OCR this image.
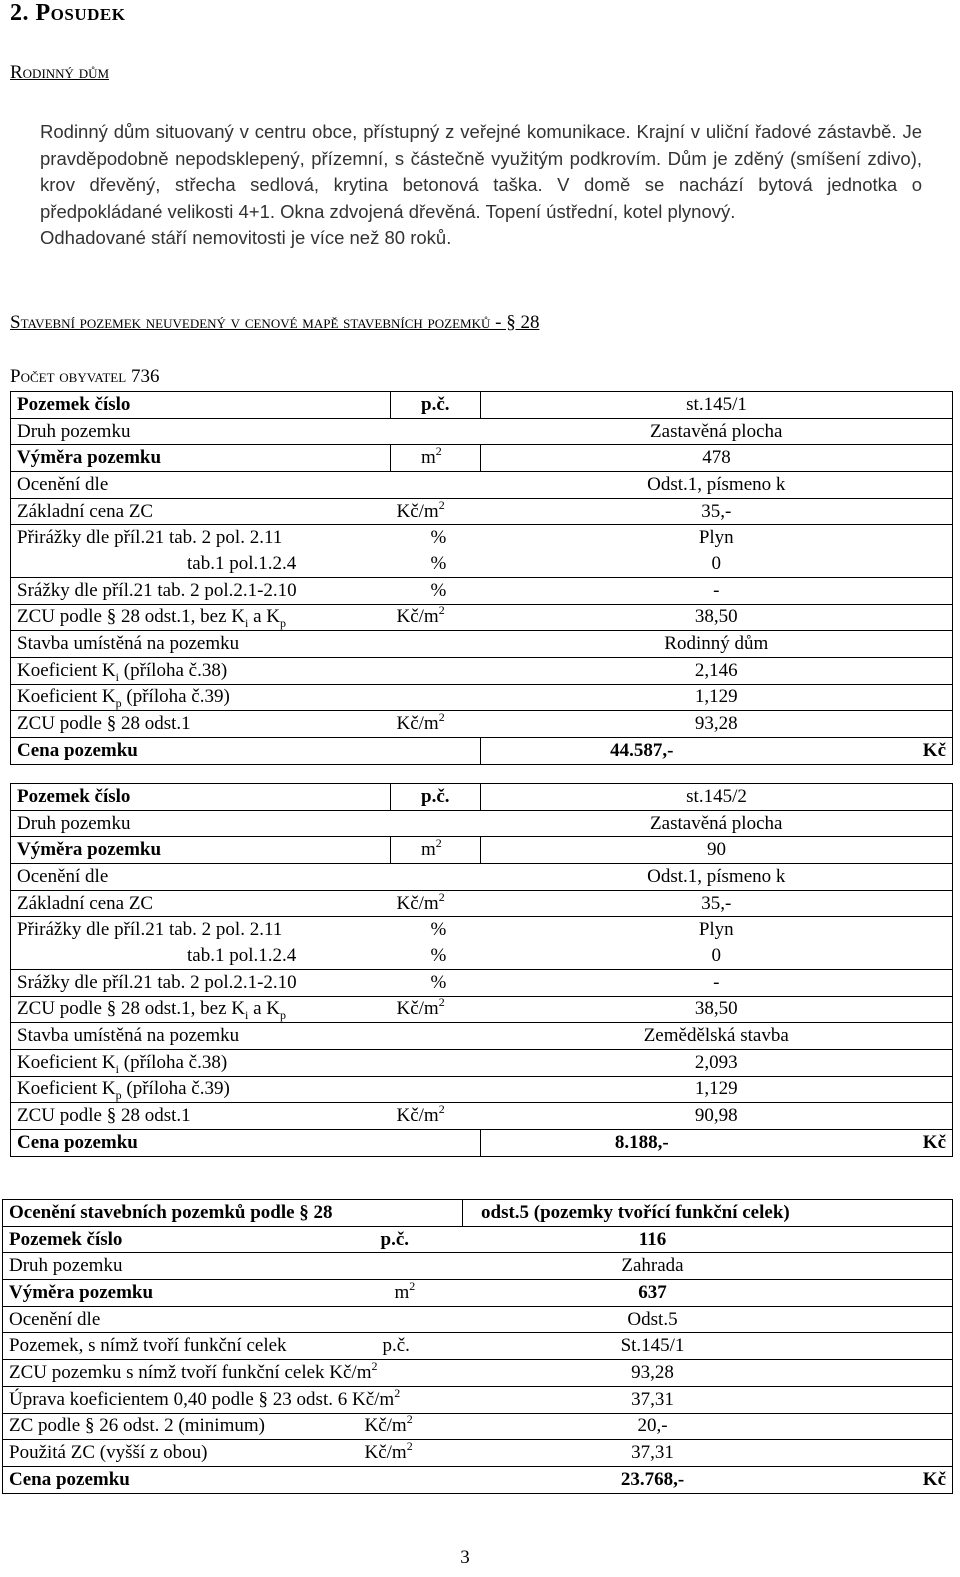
2. Posudek
Rodinný dům

Rodinný dům situovaný v centru obce, přístupný z veřejné komunikace. Krajní v uliční řadové zástavbě. Je pravděpodobně nepodsklepený, přízemní, s částečně využitým podkrovím. Dům je zděný (smíšení zdivo), krov dřevěný, střecha sedlová, krytina betonová taška. V domě se nachází bytová jednotka o předpokládané velikosti 4+1. Okna zdvojená dřevěná. Topení ústřední, kotel plynový.

Odhadované stáří nemovitosti je více než 80 roků.

Stavební pozemek neuvedený v cenové mapě stavebních pozemků - § 28
Počet obyvatel 736
Pozemek číslo	p.č.	st.145/1	
Druh pozemku		Zastavěná plocha	
Výměra pozemku	$m^2$	478	
Ocenění dle		Odst.1, písmeno k	
Základní cena ZC	$Kč/m^2$	35,-	
Přirážky dle příl.21 tab. 2 pol. 2.11	%	Plyn	
tab.1 pol.1.2.4	%	0	
Srážky dle příl.21 tab. 2 pol.2.1-2.10	%	-	
ZCU podle § 28 odst.1, bez $K_i$ a $K_p$	$Kč/m^2$	38,50	
Stavba umístěná na pozemku		Rodinný dům	
Koeficient $K_i$ (příloha č.38)		2,146	
Koeficient $K_p$ (příloha č.39)		1,129	
ZCU podle § 28 odst.1	$Kč/m^2$	93,28	
Cena pozemku		44.587,-	Kč
Pozemek číslo	p.č.	st.145/2	
Druh pozemku		Zastavěná plocha	
Výměra pozemku	$m^2$	90	
Ocenění dle		Odst.1, písmeno k	
Základní cena ZC	$Kč/m^2$	35,-	
Přirážky dle příl.21 tab. 2 pol. 2.11	%	Plyn	
tab.1 pol.1.2.4	%	0	
Srážky dle příl.21 tab. 2 pol.2.1-2.10	%	-	
ZCU podle § 28 odst.1, bez $K_i$ a $K_p$	$Kč/m^2$	38,50	
Stavba umístěná na pozemku		Zemědělská stavba	
Koeficient $K_i$ (příloha č.38)		2,093	
Koeficient $K_p$ (příloha č.39)		1,129	
ZCU podle § 28 odst.1	$Kč/m^2$	90,98	
Cena pozemku		8.188,-	Kč
Ocenění stavebních pozemků podle § 28	odst.5 (pozemky tvořící funkční celek)	
Pozemek číslo p.č.	116	
Druh pozemku	Zahrada	
Výměra pozemku $m^2$	637	
Ocenění dle	Odst.5	
Pozemek, s nímž tvoří funkční celek p.č.	St.145/1	
ZCU pozemku s nímž tvoří funkční celek $Kč/m^2$	93,28	
Úprava koeficientem 0,40 podle § 23 odst. 6 $Kč/m^2$	37,31	
ZC podle § 26 odst. 2 (minimum) $Kč/m^2$	20,-	
Použitá ZC (vyšší z obou) $Kč/m^2$	37,31	
Cena pozemku	23.768,-	Kč
3
